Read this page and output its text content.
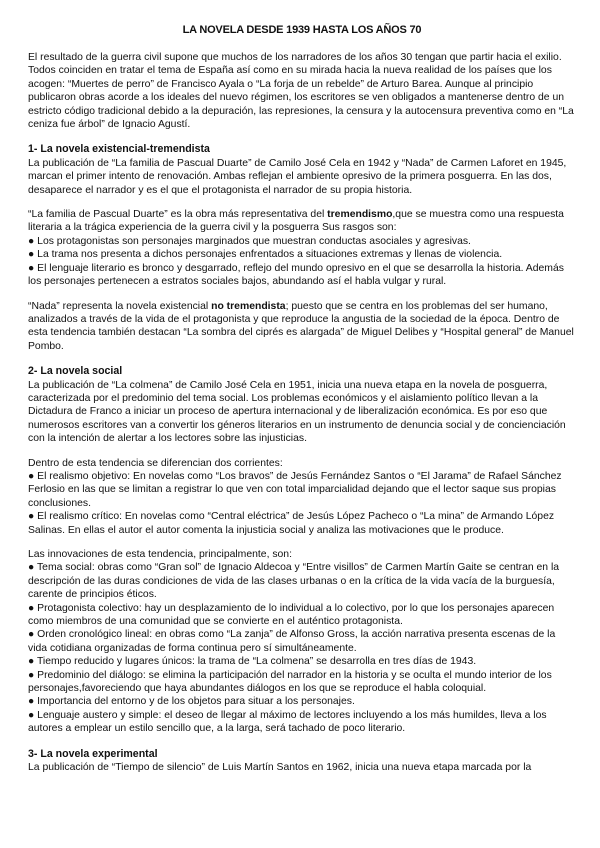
LA NOVELA DESDE 1939 HASTA LOS AÑOS 70

El resultado de la guerra civil supone que muchos de los narradores de los años 30 tengan que partir hacia el exilio. Todos coinciden en tratar el tema de España así como en su mirada hacia la nueva realidad de los países que los acogen: “Muertes de perro” de Francisco Ayala o “La forja de un rebelde” de Arturo Barea. Aunque al principio publicaron obras acorde a los ideales del nuevo régimen, los escritores se ven obligados a mantenerse dentro de un estricto código tradicional debido a la depuración, las represiones, la censura y la autocensura preventiva como en “La ceniza fue árbol” de Ignacio Agustí.

1- La novela existencial-tremendista

La publicación de “La familia de Pascual Duarte” de Camilo José Cela en 1942 y “Nada” de Carmen Laforet en 1945, marcan el primer intento de renovación. Ambas reflejan el ambiente opresivo de la primera posguerra. En las dos, desaparece el narrador y es el que el protagonista el narrador de su propia historia.

“La familia de Pascual Duarte” es la obra más representativa del tremendismo,que se muestra como una respuesta literaria a la trágica experiencia de la guerra civil y la posguerra Sus rasgos son:

● Los protagonistas son personajes marginados que muestran conductas asociales y agresivas.

● La trama nos presenta a dichos personajes enfrentados a situaciones extremas y llenas de violencia.

● El lenguaje literario es bronco y desgarrado, reflejo del mundo opresivo en el que se desarrolla la historia. Además los personajes pertenecen a estratos sociales bajos, abundando así el habla vulgar y rural.

“Nada” representa la novela existencial no tremendista; puesto que se centra en los problemas del ser humano, analizados a través de la vida de el protagonista y que reproduce la angustia de la sociedad de la época. Dentro de esta tendencia también destacan “La sombra del ciprés es alargada” de Miguel Delibes y “Hospital general” de Manuel Pombo.

2- La novela social

La publicación de “La colmena” de Camilo José Cela en 1951, inicia una nueva etapa en la novela de posguerra, caracterizada por el predominio del tema social. Los problemas económicos y el aislamiento político llevan a la Dictadura de Franco a iniciar un proceso de apertura internacional y de liberalización económica. Es por eso que numerosos escritores van a convertir los géneros literarios en un instrumento de denuncia social y de concienciación con la intención de alertar a los lectores sobre las injusticias.

Dentro de esta tendencia se diferencian dos corrientes:

● El realismo objetivo: En novelas como “Los bravos” de Jesús Fernández Santos o “El Jarama” de Rafael Sánchez Ferlosio en las que se limitan a registrar lo que ven con total imparcialidad dejando que el lector saque sus propias conclusiones.

● El realismo crítico: En novelas como “Central eléctrica” de Jesús López Pacheco o “La mina” de Armando López Salinas. En ellas el autor el autor comenta la injusticia social y analiza las motivaciones que le produce.

Las innovaciones de esta tendencia, principalmente, son:

● Tema social: obras como “Gran sol” de Ignacio Aldecoa y “Entre visillos” de Carmen Martín Gaite se centran en la descripción de las duras condiciones de vida de las clases urbanas o en la crítica de la vida vacía de la burguesía, carente de principios éticos.

● Protagonista colectivo: hay un desplazamiento de lo individual a lo colectivo, por lo que los personajes aparecen como miembros de una comunidad que se convierte en el auténtico protagonista.

● Orden cronológico lineal: en obras como “La zanja” de Alfonso Gross, la acción narrativa presenta escenas de la vida cotidiana organizadas de forma continua pero sí simultáneamente.

● Tiempo reducido y lugares únicos: la trama de “La colmena” se desarrolla en tres días de 1943.

● Predominio del diálogo: se elimina la participación del narrador en la historia y se oculta el mundo interior de los personajes,favoreciendo que haya abundantes diálogos en los que se reproduce el habla coloquial.

● Importancia del entorno y de los objetos para situar a los personajes.

● Lenguaje austero y simple: el deseo de llegar al máximo de lectores incluyendo a los más humildes, lleva a los autores a emplear un estilo sencillo que, a la larga, será tachado de poco literario.

3- La novela experimental

La publicación de “Tiempo de silencio” de Luis Martín Santos en 1962, inicia una nueva etapa marcada por la
